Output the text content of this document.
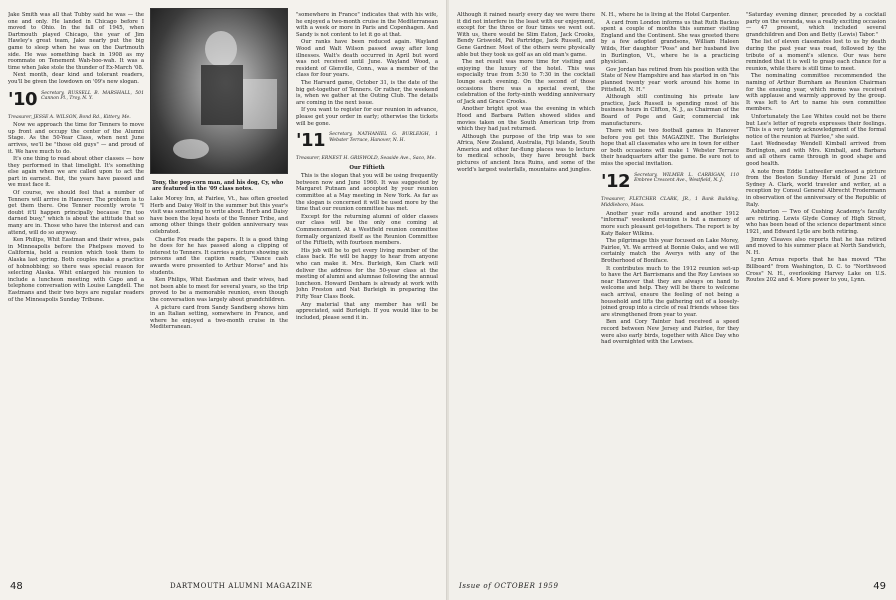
Jake Smith was all that Tubby said he was — the one and only. He landed in Chicago before I moved to Ohio. In the fall of 1945, when Dartmouth played Chicago, the year of Jim Hawley's great team, Jake nearly put the big game to sleep when he was on the Dartmouth side. He was something back in 1908 as my roommate on Tenement Wah-hoo-wah. It was a time when Jake stole the thunder of Ex-March '08.

Next month, dear kind and tolerant readers, you'll be given the lowdown on '09's new slogan.

'10 Secretary, RUSSELL B. MARSHALL, 501 Cannon Pl., Troy, N. Y.

Treasurer, JESSE A. WILSON, Bond Rd., Kittery, Me.

Now we approach the time for Tenners to move up front and occupy the center of the Alumni Stage. As the 50-Year Class, when next June arrives, we'll be "those old guys" — and proud of it. We have much to do.

It's one thing to read about other classes — how they performed in that limelight. It's something else again when we are called upon to act the part in earnest. But, the years have passed and we must face it.

Of course, we should feel that a number of Tenners will arrive in Hanover. The problem is to get them there. One Tenner recently wrote "I doubt it'll happen principally because I'm too darned busy," which is about the attitude that so many are in. Those who have the interest and can attend, will do so anyway.

Ken Philips, Whit Eastman and their wives, pals in Minneapolis before the Phelpses moved to California, held a reunion which took them to Alaska last spring. Both couples make a practice of hobnobbing; so there was special reason for selecting Alaska. Whit enlarged his reunion to include a luncheon meeting with Capo and a telephone conversation with Louise Langdell. The Eastmans and their two boys are regular readers of the Minneapolis Sunday Tribune.

Tony, the pop-corn man, and his dog, Cy, who are featured in the '09 class notes.

Lake Morey Inn, at Fairlee, Vt., has often greeted Herb and Daisy Wolf in the summer but this year's visit was something to write about. Herb and Daisy have been the loyal hosts of the Tenner Tribe, and among other things their golden anniversary was celebrated.

Charlie Fox reads the papers. It is a good thing he does for he has passed along a clipping of interest to Tenners. It carries a picture showing six persons and the caption reads, "Dance cash awards were presented to Arthur Morse" and his students.

Ken Philips, Whit Eastman and their wives, had not been able to meet for several years, so the trip proved to be a memorable reunion, even though the conversation was largely about grandchildren.

A picture card from Sandy Sandberg shows him in an Italian setting, somewhere in France, and where he enjoyed a two-month cruise in the Mediterranean.

"somewhere in France" indicates that with his wife, he enjoyed a two-month cruise in the Mediterranean with a week or more in Paris and Copenhagen. And Sandy is not content to let it go at that.

Our ranks have been reduced again. Wayland Wood and Walt Wilson passed away after long illnesses. Walt's death occurred in April but word was not received until June. Wayland Wood, a resident of Glenville, Conn., was a member of the class for four years.

The Harvard game, October 31, is the date of the big get-together of Tenners. Or rather, the weekend is, when we gather at the Outing Club. The details are coming in the next issue.

If you want to register for our reunion in advance, please get your order in early; otherwise the tickets will be gone.

'11 Secretary, NATHANIEL G. BURLEIGH, 1 Webster Terrace, Hanover, N. H.

Treasurer, ERNEST H. GRISWOLD, Seaside Ave., Saco, Me.

Our Fiftieth

This is the slogan that you will be using frequently between now and June 1960. It was suggested by Margaret Putnam and accepted by your reunion committee at a May meeting in New York. As far as the slogan is concerned it will be used more by the time that our reunion committee has met.

Except for the returning alumni of older classes our class will be the only one coming at Commencement. At a Westfield reunion committee formally organized itself as the Reunion Committee of the Fiftieth, with fourteen members.

His job will be to get every living member of the class back. He will be happy to hear from anyone who can make it. Mrs. Burleigh, Ken Clark will deliver the address for the 50-year class at the meeting of alumni and alumnae following the annual luncheon. Howard Denham is already at work with John Preston and Nat Burleigh in preparing the Fifty Year Class Book.

Any material that any member has will be appreciated, said Burleigh. If you would like to be included, please send it in.

48	DARTMOUTH ALUMNI MAGAZINE

Although it rained nearly every day we were there it did not interfere in the least with our enjoyment, except for the three or four times we went out. With us, there would be Slim Eaton, Jack Crooks, Bendy Griswold, Pat Partridge, Jack Russell, and Gene Gardner. Most of the others were physically able but they took us golf as an old man's game.

The net result was more time for visiting and enjoying the luxury of the hotel. This was especially true from 5:30 to 7:30 in the cocktail lounge each evening. On the second of those occasions there was a special event, the celebration of the forty-ninth wedding anniversary of Jack and Grace Crooks.

Another bright spot was the evening in which Hood and Barbara Patten showed slides and movies taken on the South American trip from which they had just returned.

Although the purpose of the trip was to see Africa, New Zealand, Australia, Fiji Islands, South America and other far-flung places was to lecture to medical schools, they have brought back pictures of ancient Inca Ruins, and some of the world's largest waterfalls, mountains and jungles.

N. H., where he is living at the Hotel Carpenter.

A card from London informs us that Ruth Backus spent a couple of months this summer visiting England and the Continent. She was greeted there by a few adopted grandsons, William Haleen Wilds, Her daughter "Poss" and her husband live in Burlington, Vt., where he is a practicing physician.

Gov Jordan has retired from his position with the State of New Hampshire and has started in on "his planned twenty year work around his home in Pittsfield, N. H."

Although still continuing his private law practice, Jack Russell is spending most of his business hours in Clifton, N. J., as Chairman of the Board of Poge and Gair, commercial ink manufacturers.

There will be two football games in Hanover before you get this MAGAZINE. The Burleighs hope that all classmates who are in town for either or both occasions will make 1 Webster Terrace their headquarters after the game. Be sure not to miss the special invitation.

'12 Secretary, WILMER L. CARRIGAN, 110 Embree Crescent Ave., Westfield, N. J.

Treasurer, FLETCHER CLARK, JR., 1 Bank Building, Middleboro, Mass.

Another year rolls around and another 1912 "informal" weekend reunion is but a memory of more such pleasant get-togethers. The report is by Katy Baker Wilkins.

The pilgrimage this year focused on Lake Morey, Fairlee, Vt. We arrived at Bonnie Oaks, and we will certainly match the Averys with any of the Brotherhood of Boniface.

It contributes much to the 1912 reunion set-up to have the Art Barrismans and the Roy Lewises so near Hanover that they are always on hand to welcome and help. They will be there to welcome each arrival, ensure the feeling of not being a household and lifts the gathering out of a loosely-joined group into a circle of real friends whose ties are strengthened from year to year.

Ben and Cory Tainter had received a speed record between New Jersey and Fairlee, for they were also early birds, together with Alice Day who had overnighted with the Lewises.

"Saturday evening dinner, preceded by a cocktail party on the veranda, was a really exciting occasion — 47 present, which included several grandchildren and Don and Betty (Lewis) Tabor."

The list of eleven classmates lost to us by death during the past year was read, followed by the tribute of a moment's silence. Our was here reminded that it is well to grasp each chance for a reunion, while there is still time to meet.

The nominating committee recommended the naming of Arthur Burnham as Reunion Chairman for the ensuing year, which memo was received with applause and warmly approved by the group. It was left to Art to name his own committee members.

Unfortunately the Lee Whites could not be there but Lee's letter of regrets expresses their feelings. "This is a very tardy acknowledgment of the formal notice of the reunion at Fairlee," she said.

Last Wednesday Wendell Kimball arrived from Burlington, and with Mrs. Kimball, and Barbara and all others came through in good shape and good health.

A note from Eddie Luitweiler enclosed a picture from the Boston Sunday Herald of June 21 of Sydney A. Clark, world traveler and writer, at a reception by Consul General Albrecht Frodermann in observation of the anniversary of the Republic of Italy.

Ashburton — Two of Cushing Academy's faculty are retiring. Lewis Glyde Comey of High Street, who has been head of the science department since 1921, and Edward Lytle are both retiring.

Jimmy Cleaves also reports that he has retired and moved to his summer place at North Sandwich, N. H.

Lynn Arnus reports that he has moved "The Billboard" from Washington, D. C. to "Northwood Cross" N. H., overlooking Harvey Lake on U.S. Routes 202 and 4. More power to you, Lynn.

Issue of OCTOBER 1959	49
